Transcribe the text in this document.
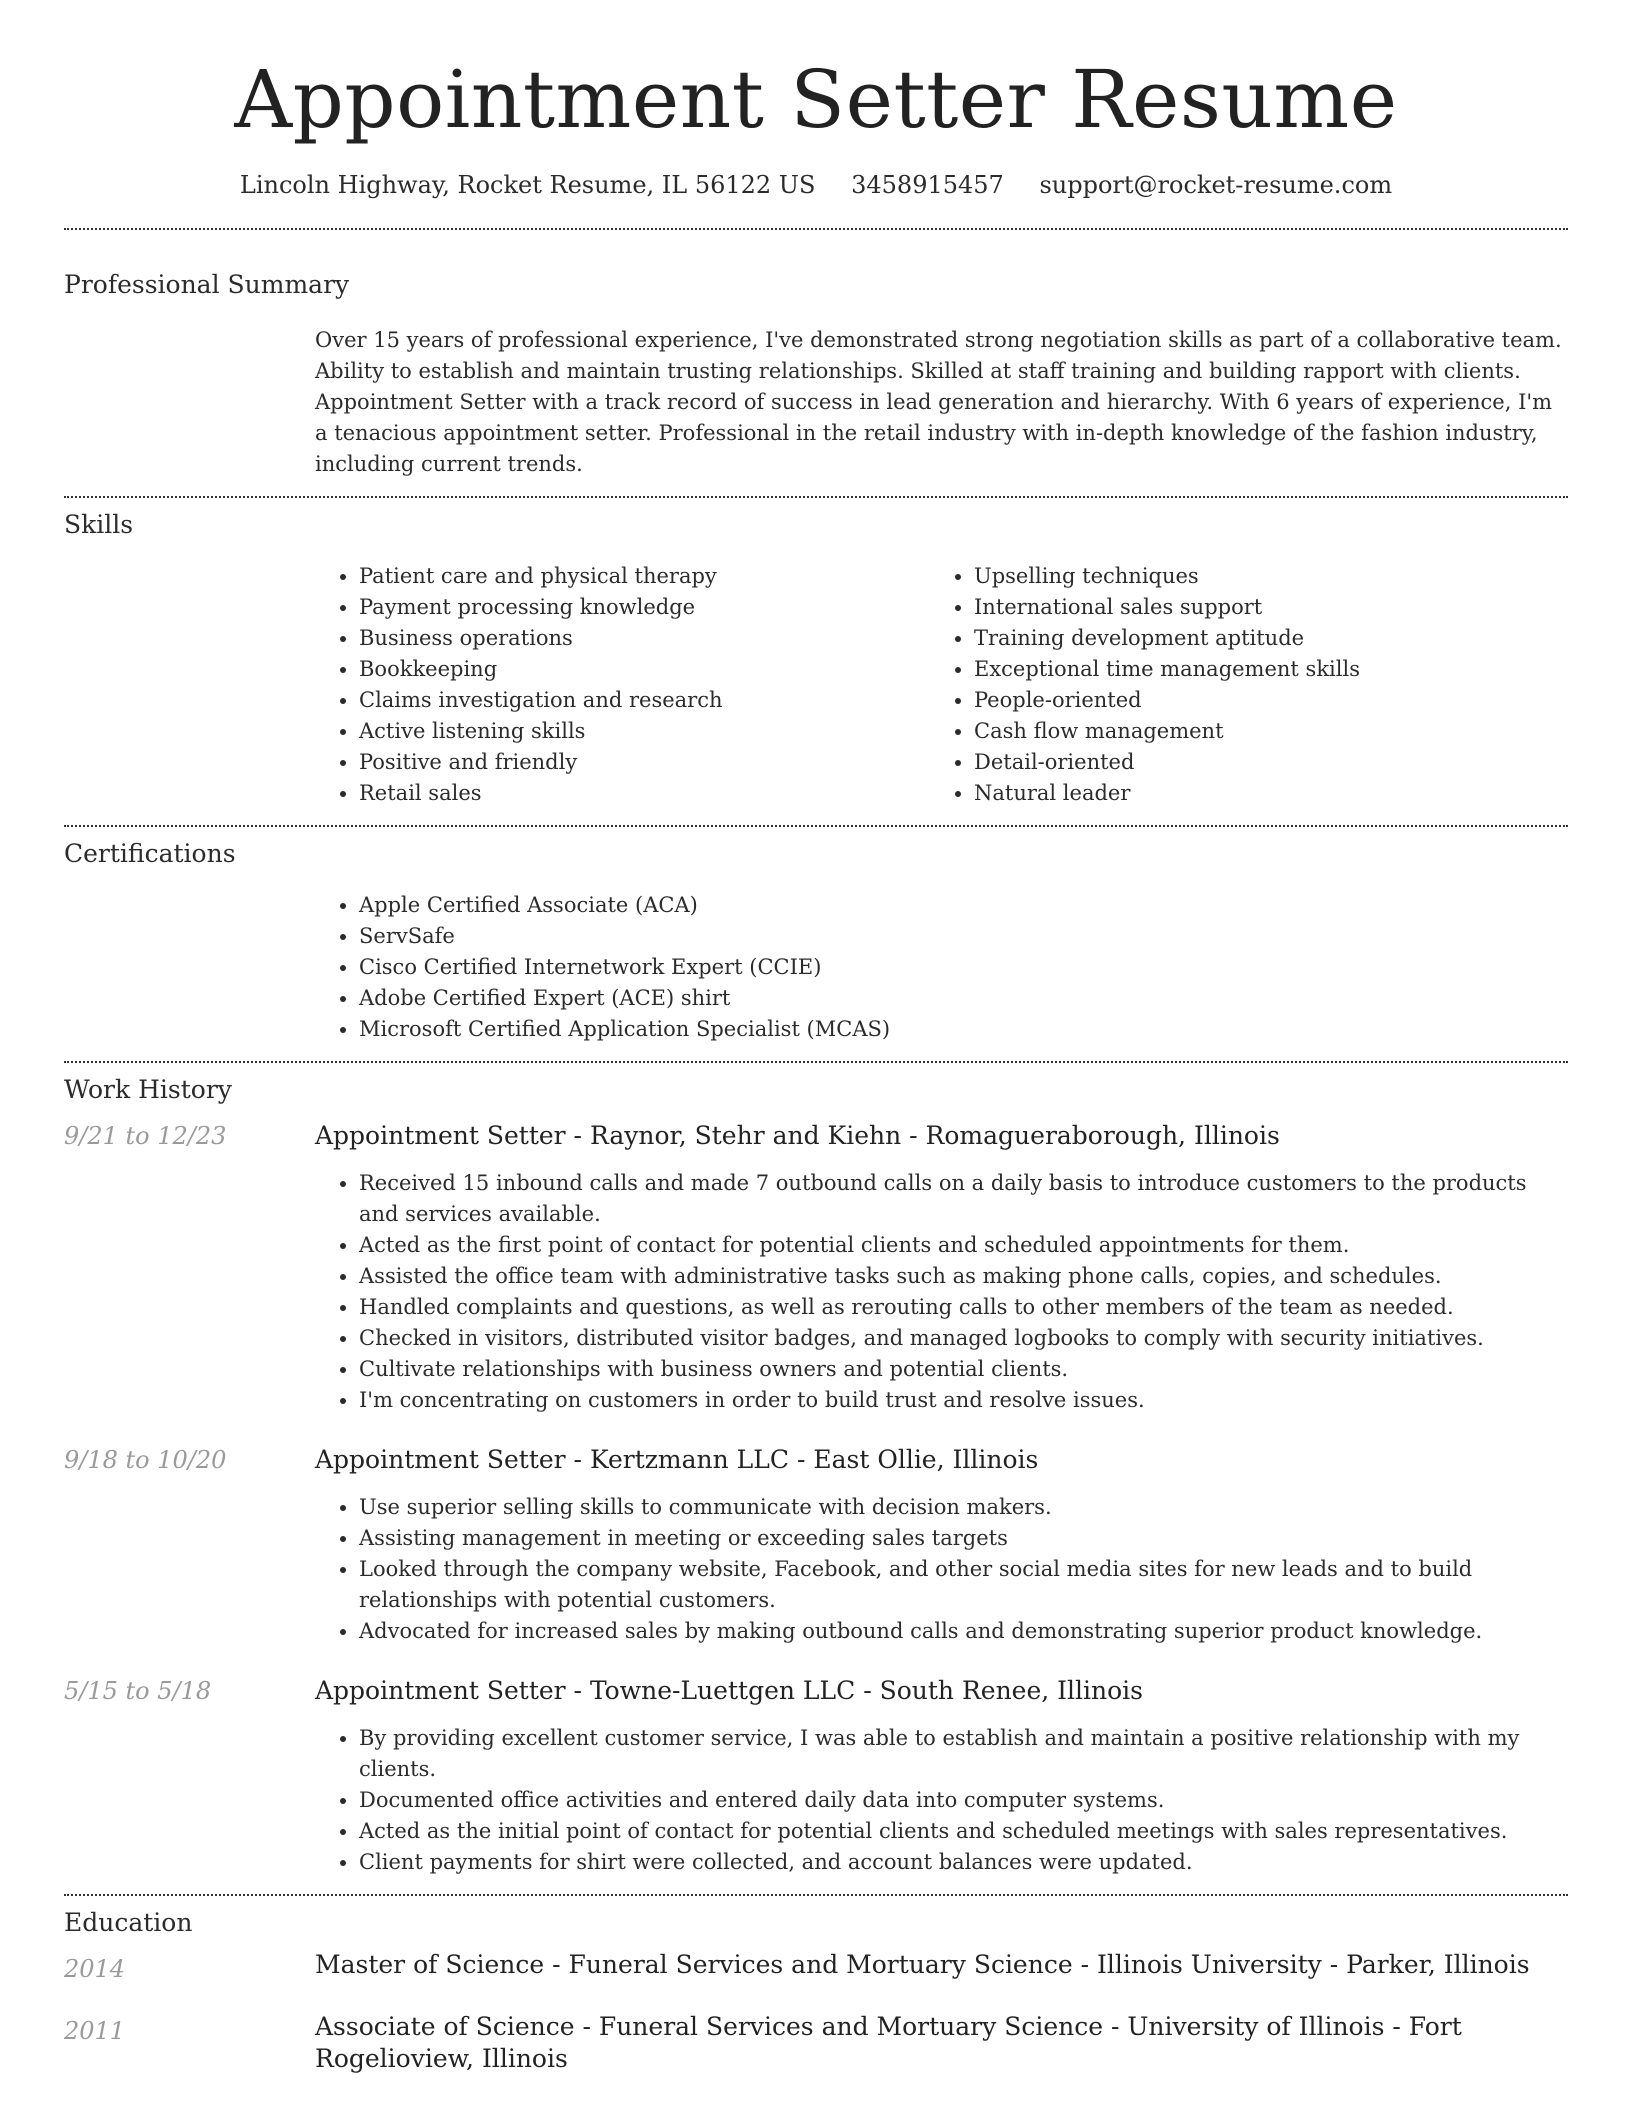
Appointment Setter Resume
Lincoln Highway, Rocket Resume, IL 56122 US 3458915457 support@rocket-resume.com
Professional Summary
Over 15 years of professional experience, I've demonstrated strong negotiation skills as part of a collaborative team. Ability to establish and maintain trusting relationships. Skilled at staff training and building rapport with clients. Appointment Setter with a track record of success in lead generation and hierarchy. With 6 years of experience, I'm a tenacious appointment setter. Professional in the retail industry with in-depth knowledge of the fashion industry, including current trends.
Skills
• Patient care and physical therapy
• Payment processing knowledge
• Business operations
• Bookkeeping
• Claims investigation and research
• Active listening skills
• Positive and friendly
• Retail sales
• Upselling techniques
• International sales support
• Training development aptitude
• Exceptional time management skills
• People-oriented
• Cash flow management
• Detail-oriented
• Natural leader
Certifications
• Apple Certified Associate (ACA)
• ServSafe
• Cisco Certified Internetwork Expert (CCIE)
• Adobe Certified Expert (ACE) shirt
• Microsoft Certified Application Specialist (MCAS)
Work History
9/21 to 12/23	Appointment Setter - Raynor, Stehr and Kiehn - Romagueraborough, Illinois
• Received 15 inbound calls and made 7 outbound calls on a daily basis to introduce customers to the products and services available.
• Acted as the first point of contact for potential clients and scheduled appointments for them.
• Assisted the office team with administrative tasks such as making phone calls, copies, and schedules.
• Handled complaints and questions, as well as rerouting calls to other members of the team as needed.
• Checked in visitors, distributed visitor badges, and managed logbooks to comply with security initiatives.
• Cultivate relationships with business owners and potential clients.
• I'm concentrating on customers in order to build trust and resolve issues.
9/18 to 10/20	Appointment Setter - Kertzmann LLC - East Ollie, Illinois
• Use superior selling skills to communicate with decision makers.
• Assisting management in meeting or exceeding sales targets
• Looked through the company website, Facebook, and other social media sites for new leads and to build relationships with potential customers.
• Advocated for increased sales by making outbound calls and demonstrating superior product knowledge.
5/15 to 5/18	Appointment Setter - Towne-Luettgen LLC - South Renee, Illinois
• By providing excellent customer service, I was able to establish and maintain a positive relationship with my clients.
• Documented office activities and entered daily data into computer systems.
• Acted as the initial point of contact for potential clients and scheduled meetings with sales representatives.
• Client payments for shirt were collected, and account balances were updated.
Education
2014	Master of Science - Funeral Services and Mortuary Science - Illinois University - Parker, Illinois
2011	Associate of Science - Funeral Services and Mortuary Science - University of Illinois - Fort Rogelioview, Illinois
